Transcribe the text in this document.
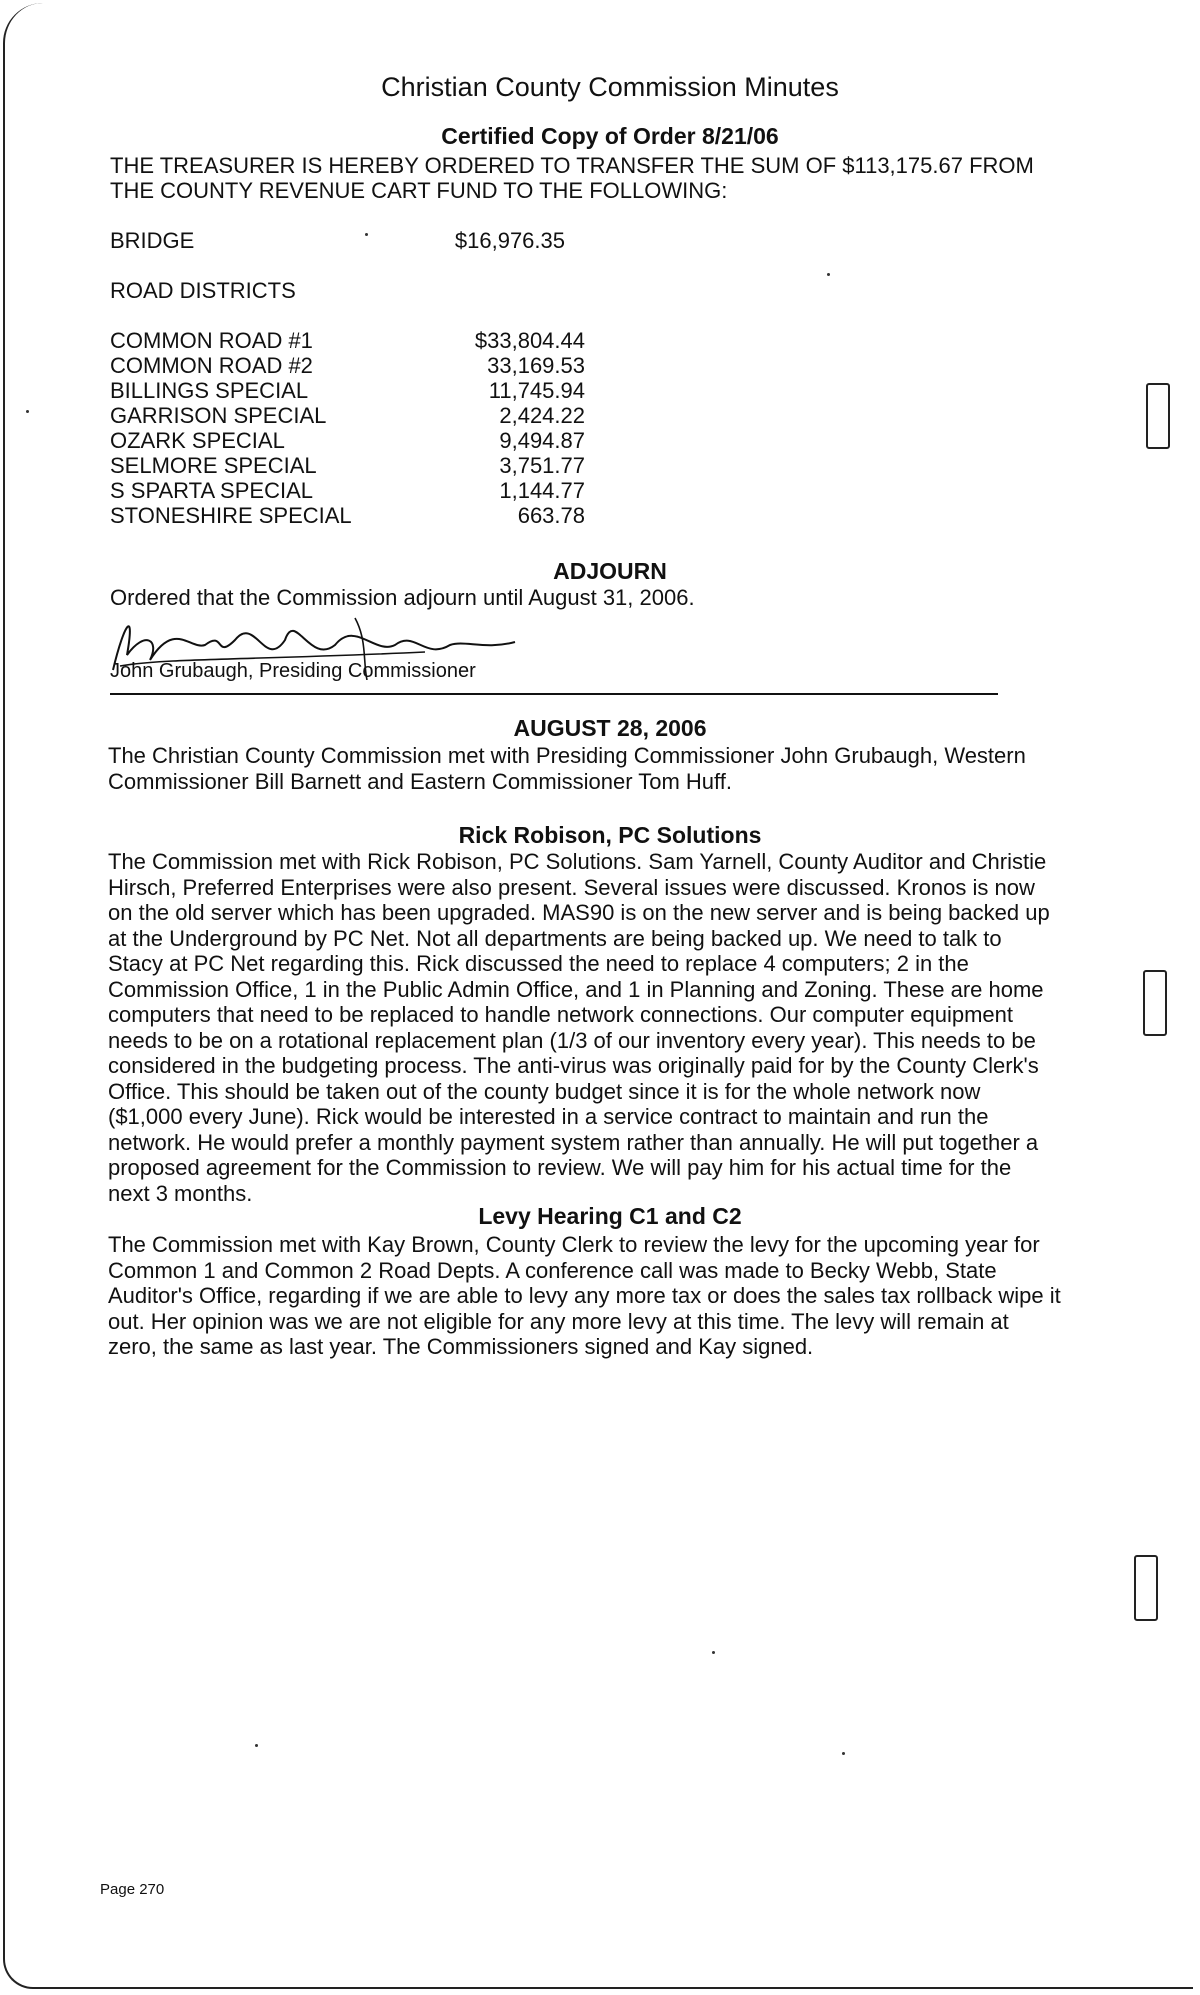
Christian County Commission Minutes
Certified Copy of Order 8/21/06
THE TREASURER IS HEREBY ORDERED TO TRANSFER THE SUM OF $113,175.67 FROM
THE COUNTY REVENUE CART FUND TO THE FOLLOWING:
BRIDGE	$16,976.35
ROAD DISTRICTS
COMMON ROAD #1	$33,804.44
COMMON ROAD #2	33,169.53
BILLINGS SPECIAL	11,745.94
GARRISON SPECIAL	2,424.22
OZARK SPECIAL	9,494.87
SELMORE SPECIAL	3,751.77
S SPARTA SPECIAL	1,144.77
STONESHIRE SPECIAL	663.78
ADJOURN
Ordered that the Commission adjourn until August 31, 2006.
John Grubaugh, Presiding Commissioner
AUGUST 28, 2006
The Christian County Commission met with Presiding Commissioner John Grubaugh, Western
Commissioner Bill Barnett and Eastern Commissioner Tom Huff.
Rick Robison, PC Solutions
The Commission met with Rick Robison, PC Solutions. Sam Yarnell, County Auditor and Christie
Hirsch, Preferred Enterprises were also present. Several issues were discussed. Kronos is now
on the old server which has been upgraded. MAS90 is on the new server and is being backed up
at the Underground by PC Net. Not all departments are being backed up. We need to talk to
Stacy at PC Net regarding this. Rick discussed the need to replace 4 computers; 2 in the
Commission Office, 1 in the Public Admin Office, and 1 in Planning and Zoning. These are home
computers that need to be replaced to handle network connections. Our computer equipment
needs to be on a rotational replacement plan (1/3 of our inventory every year). This needs to be
considered in the budgeting process. The anti-virus was originally paid for by the County Clerk's
Office. This should be taken out of the county budget since it is for the whole network now
($1,000 every June). Rick would be interested in a service contract to maintain and run the
network. He would prefer a monthly payment system rather than annually. He will put together a
proposed agreement for the Commission to review. We will pay him for his actual time for the
next 3 months.
Levy Hearing C1 and C2
The Commission met with Kay Brown, County Clerk to review the levy for the upcoming year for
Common 1 and Common 2 Road Depts. A conference call was made to Becky Webb, State
Auditor's Office, regarding if we are able to levy any more tax or does the sales tax rollback wipe it
out. Her opinion was we are not eligible for any more levy at this time. The levy will remain at
zero, the same as last year. The Commissioners signed and Kay signed.
Page 270
